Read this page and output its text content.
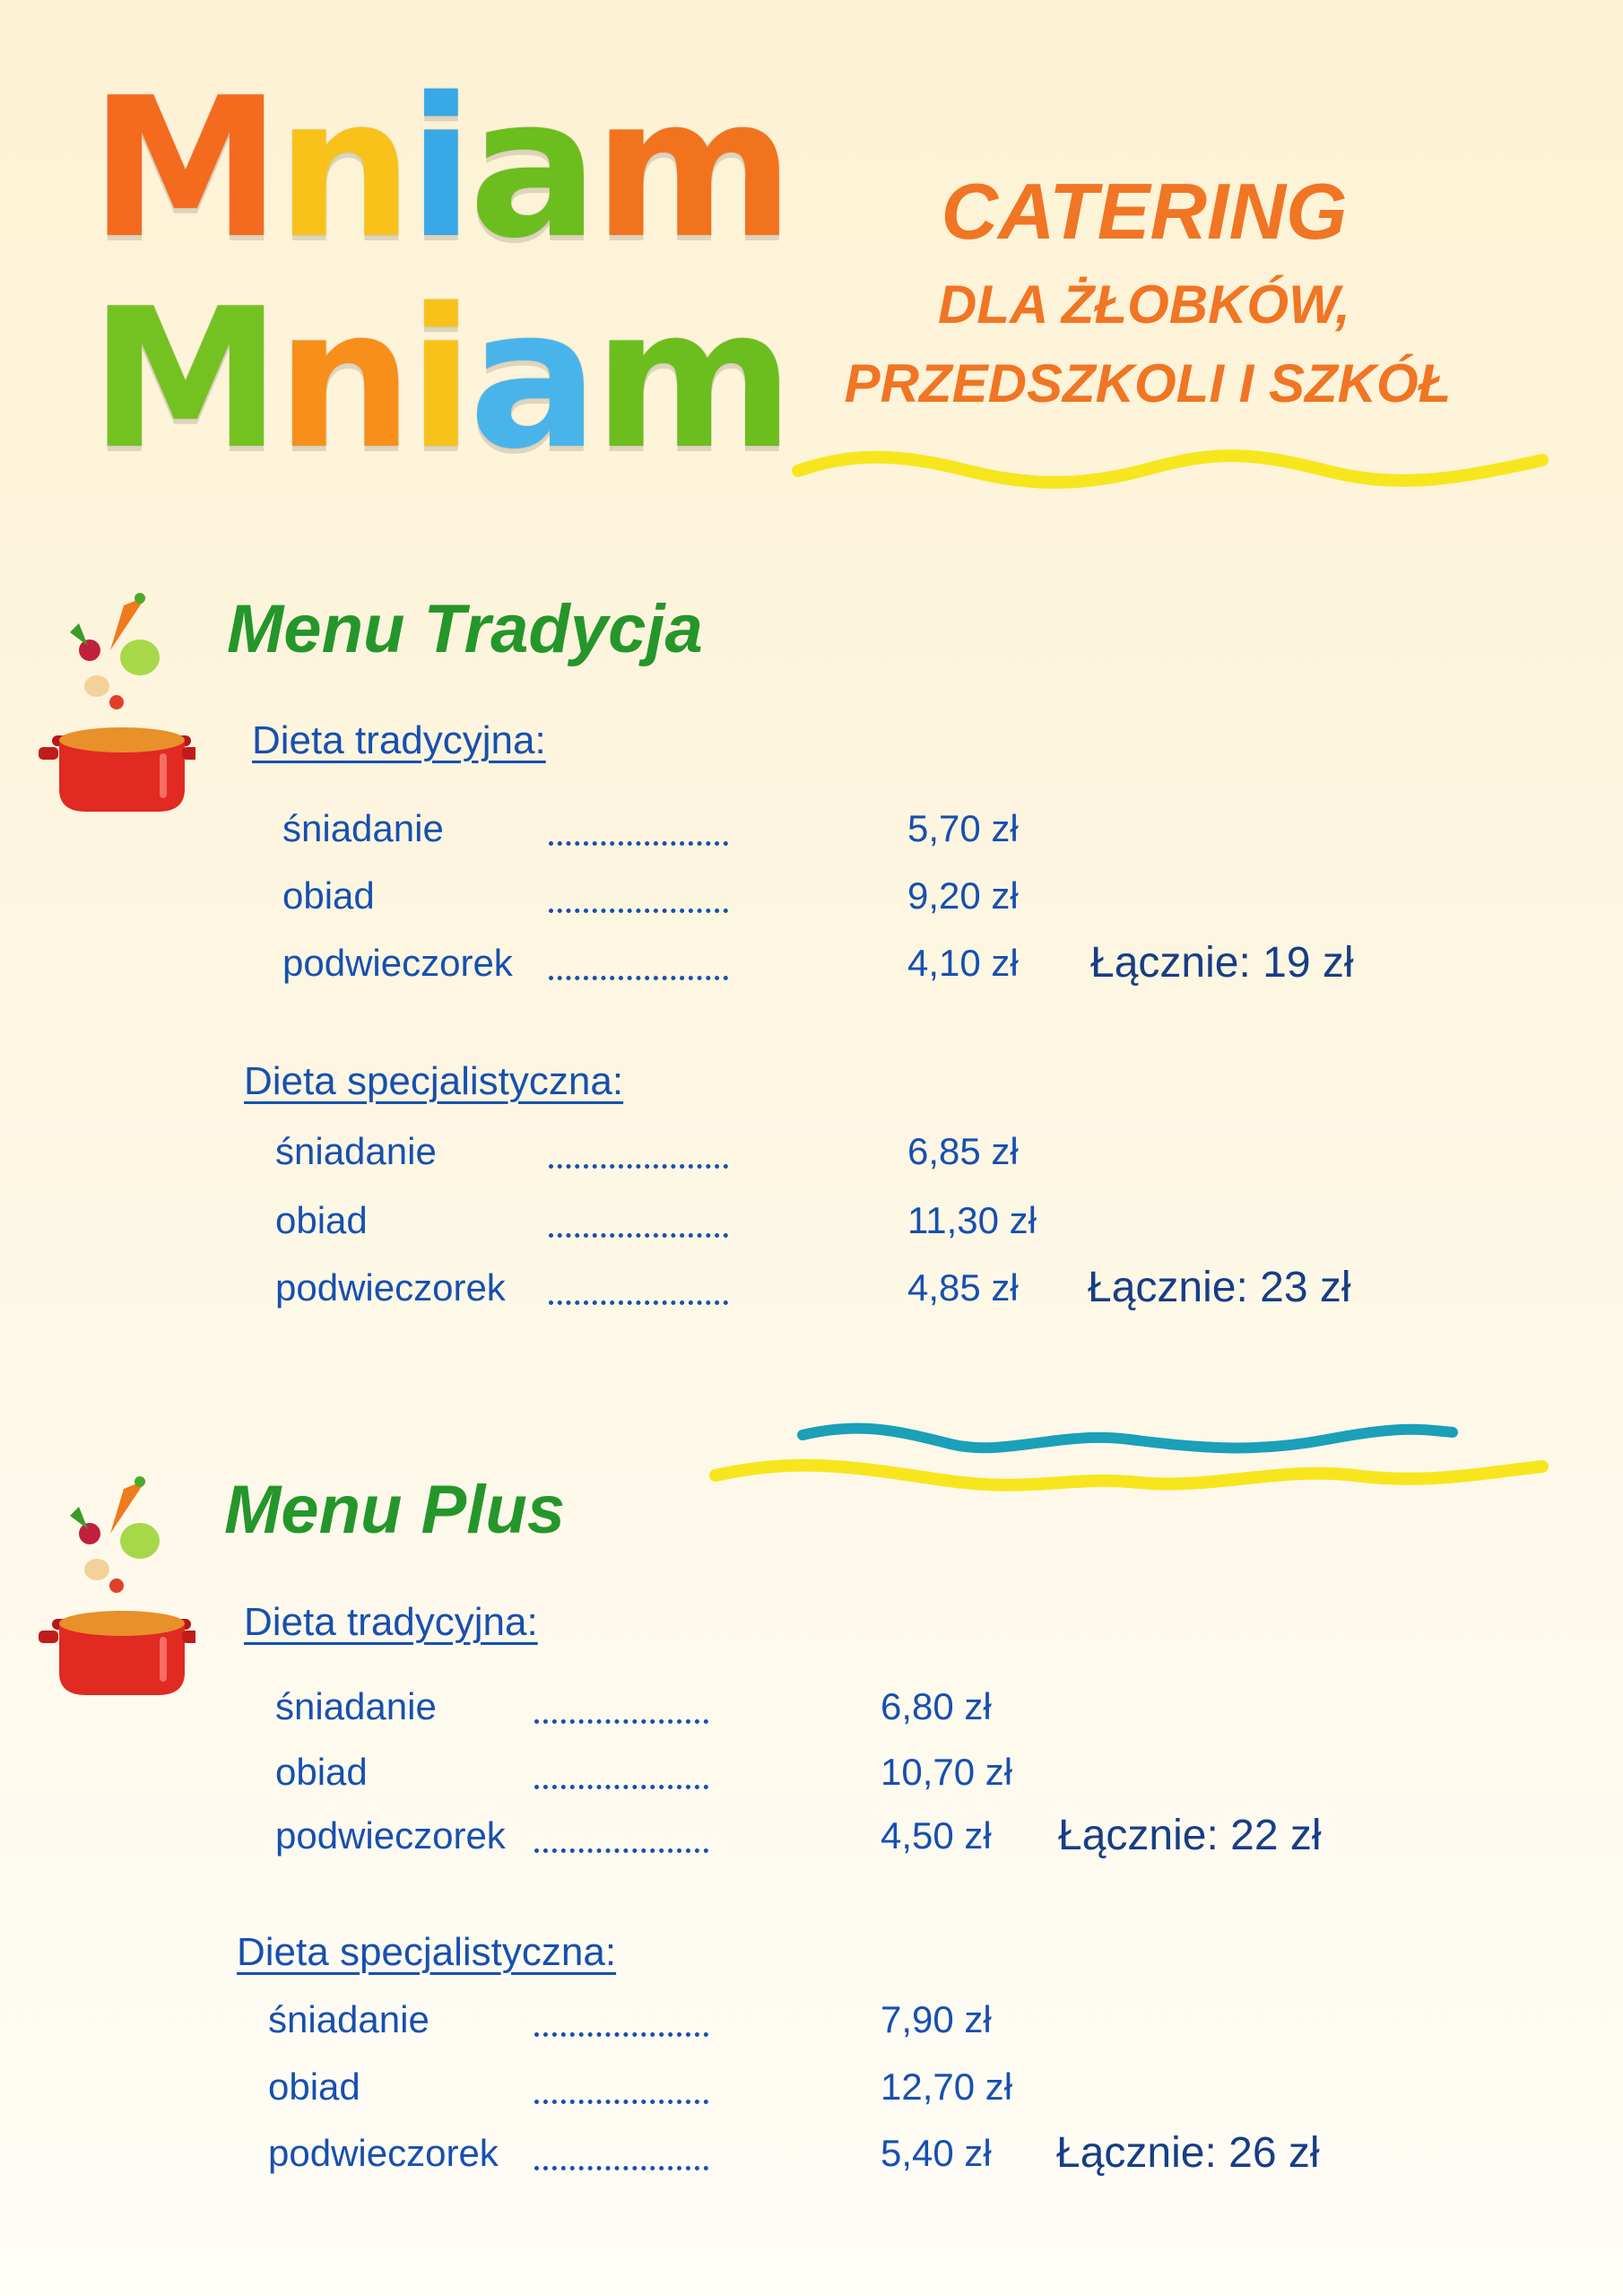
Mniam
Mniam
CATERING
DLA ŻŁOBKÓW,
PRZEDSZKOLI I SZKÓŁ
Menu Tradycja
Menu Plus
Dieta tradycyjna:
Dieta specjalistyczna:
Dieta tradycyjna:
Dieta specjalistyczna:
śniadanie	5,70 zł
obiad	9,20 zł
podwieczorek	4,10 zł Łącznie: 19 zł
śniadanie	6,85 zł
obiad	11,30 zł
podwieczorek	4,85 zł Łącznie: 23 zł
śniadanie	6,80 zł
obiad	10,70 zł
podwieczorek	4,50 zł Łącznie: 22 zł
śniadanie	7,90 zł
obiad	12,70 zł
podwieczorek	5,40 zł Łącznie: 26 zł
